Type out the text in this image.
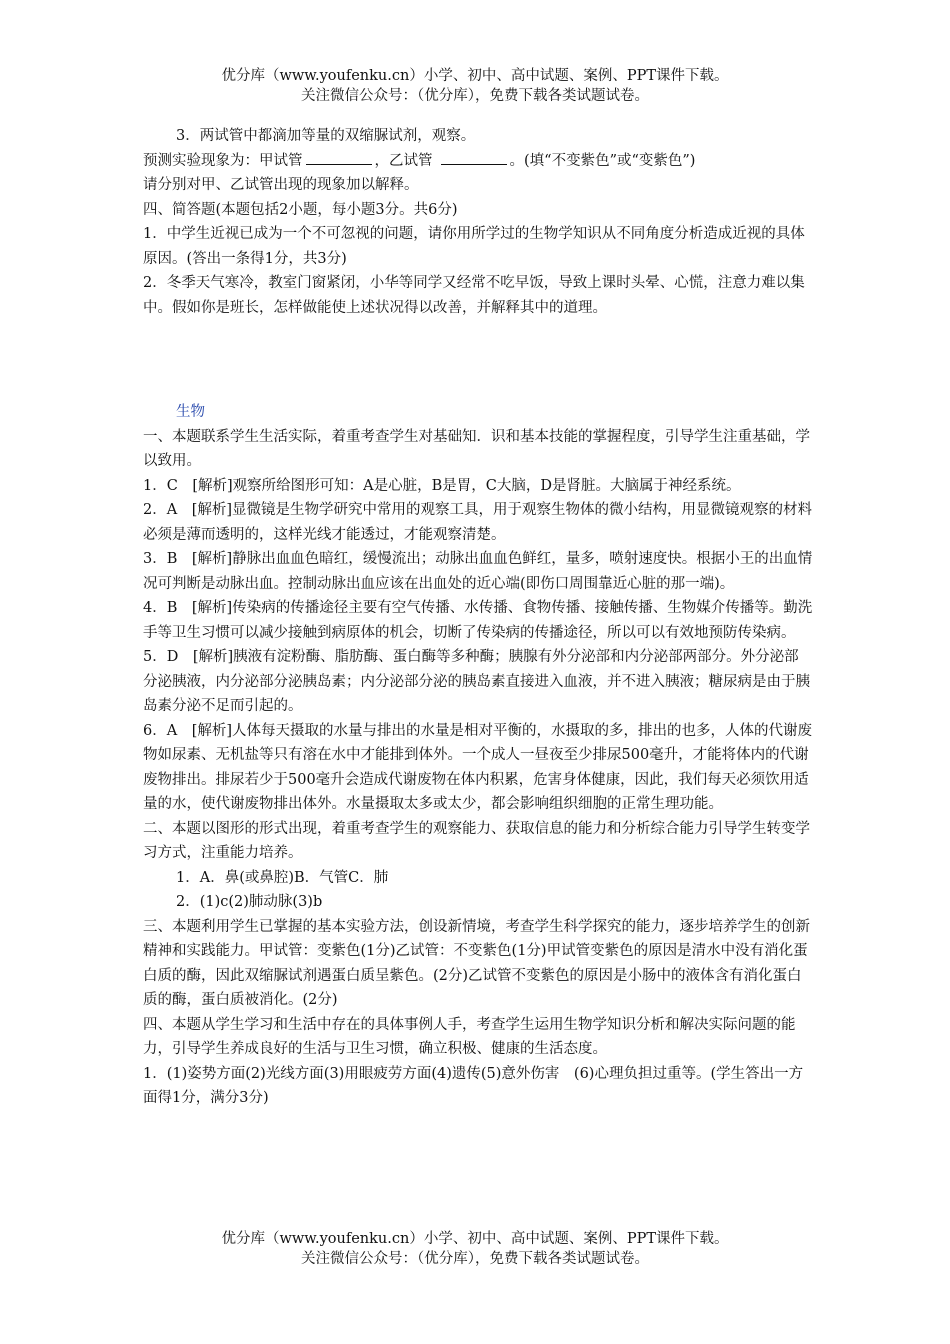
优分库（www.youfenku.cn）小学、初中、高中试题、案例、PPT课件下载。
关注微信公众号：（优分库），免费下载各类试题试卷。

3．两试管中都滴加等量的双缩脲试剂，观察。

预测实验现象为：甲试管	，乙试管	。(填“不变紫色”或“变紫色”)

请分别对甲、乙试管出现的现象加以解释。

四、简答题(本题包括2小题，每小题3分。共6分)

1．中学生近视已成为一个不可忽视的问题，请你用所学过的生物学知识从不同角度分析造成近视的具体原因。(答出一条得1分，共3分)

2．冬季天气寒冷，教室门窗紧闭，小华等同学又经常不吃早饭，导致上课时头晕、心慌，注意力难以集中。假如你是班长，怎样做能使上述状况得以改善，并解释其中的道理。

生物

一、本题联系学生生活实际，着重考查学生对基础知．识和基本技能的掌握程度，引导学生注重基础，学以致用。

1．C　[解析]观察所给图形可知：A是心脏，B是胃，C大脑，D是肾脏。大脑属于神经系统。

2．A　[解析]显微镜是生物学研究中常用的观察工具，用于观察生物体的微小结构，用显微镜观察的材料必须是薄而透明的，这样光线才能透过，才能观察清楚。

3．B　[解析]静脉出血血色暗红，缓慢流出；动脉出血血色鲜红，量多，喷射速度快。根据小王的出血情况可判断是动脉出血。控制动脉出血应该在出血处的近心端(即伤口周围靠近心脏的那一端)。

4．B　[解析]传染病的传播途径主要有空气传播、水传播、食物传播、接触传播、生物媒介传播等。勤洗手等卫生习惯可以减少接触到病原体的机会，切断了传染病的传播途径，所以可以有效地预防传染病。

5．D　[解析]胰液有淀粉酶、脂肪酶、蛋白酶等多种酶；胰腺有外分泌部和内分泌部两部分。外分泌部分泌胰液，内分泌部分泌胰岛素；内分泌部分泌的胰岛素直接进入血液，并不进入胰液；糖尿病是由于胰岛素分泌不足而引起的。

6．A　[解析]人体每天摄取的水量与排出的水量是相对平衡的，水摄取的多，排出的也多，人体的代谢废物如尿素、无机盐等只有溶在水中才能排到体外。一个成人一昼夜至少排尿500毫升，才能将体内的代谢废物排出。排尿若少于500毫升会造成代谢废物在体内积累，危害身体健康，因此，我们每天必须饮用适量的水，使代谢废物排出体外。水量摄取太多或太少，都会影响组织细胞的正常生理功能。

二、本题以图形的形式出现，着重考查学生的观察能力、获取信息的能力和分析综合能力引导学生转变学习方式，注重能力培养。

1．A．鼻(或鼻腔)B．气管C．肺

2．(1)c(2)肺动脉(3)b

三、本题利用学生已掌握的基本实验方法，创设新情境，考查学生科学探究的能力，逐步培养学生的创新精神和实践能力。甲试管：变紫色(1分)乙试管：不变紫色(1分)甲试管变紫色的原因是清水中没有消化蛋白质的酶，因此双缩脲试剂遇蛋白质呈紫色。(2分)乙试管不变紫色的原因是小肠中的液体含有消化蛋白质的酶，蛋白质被消化。(2分)

四、本题从学生学习和生活中存在的具体事例人手，考查学生运用生物学知识分析和解决实际问题的能力，引导学生养成良好的生活与卫生习惯，确立积极、健康的生活态度。

1．(1)姿势方面(2)光线方面(3)用眼疲劳方面(4)遗传(5)意外伤害　(6)心理负担过重等。(学生答出一方面得1分，满分3分)

优分库（www.youfenku.cn）小学、初中、高中试题、案例、PPT课件下载。
关注微信公众号：（优分库），免费下载各类试题试卷。
